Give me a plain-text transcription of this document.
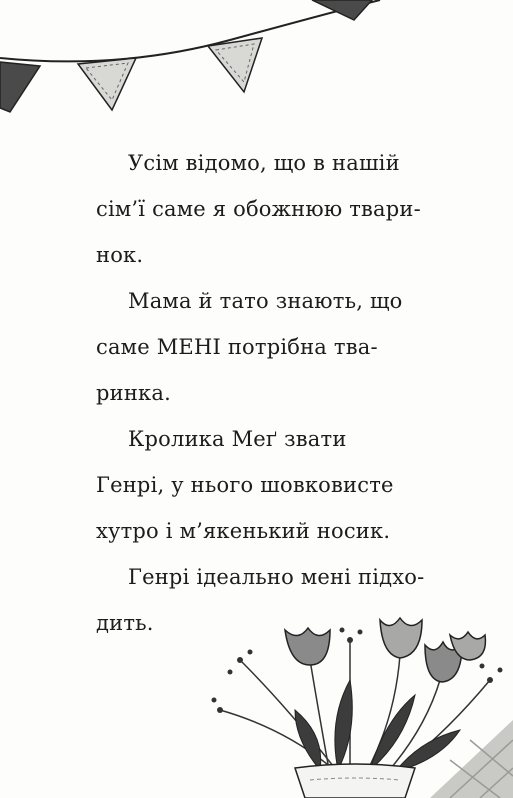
Усім відомо, що в нашій
сім’ї саме я обожнюю твари-
нок.
Мама й тато знають, що
саме МЕНІ потрібна тва-
ринка.
Кролика Меґ звати
Генрі, у нього шовковисте
хутро і м’якенький носик.
Генрі ідеально мені підхо-
дить.
